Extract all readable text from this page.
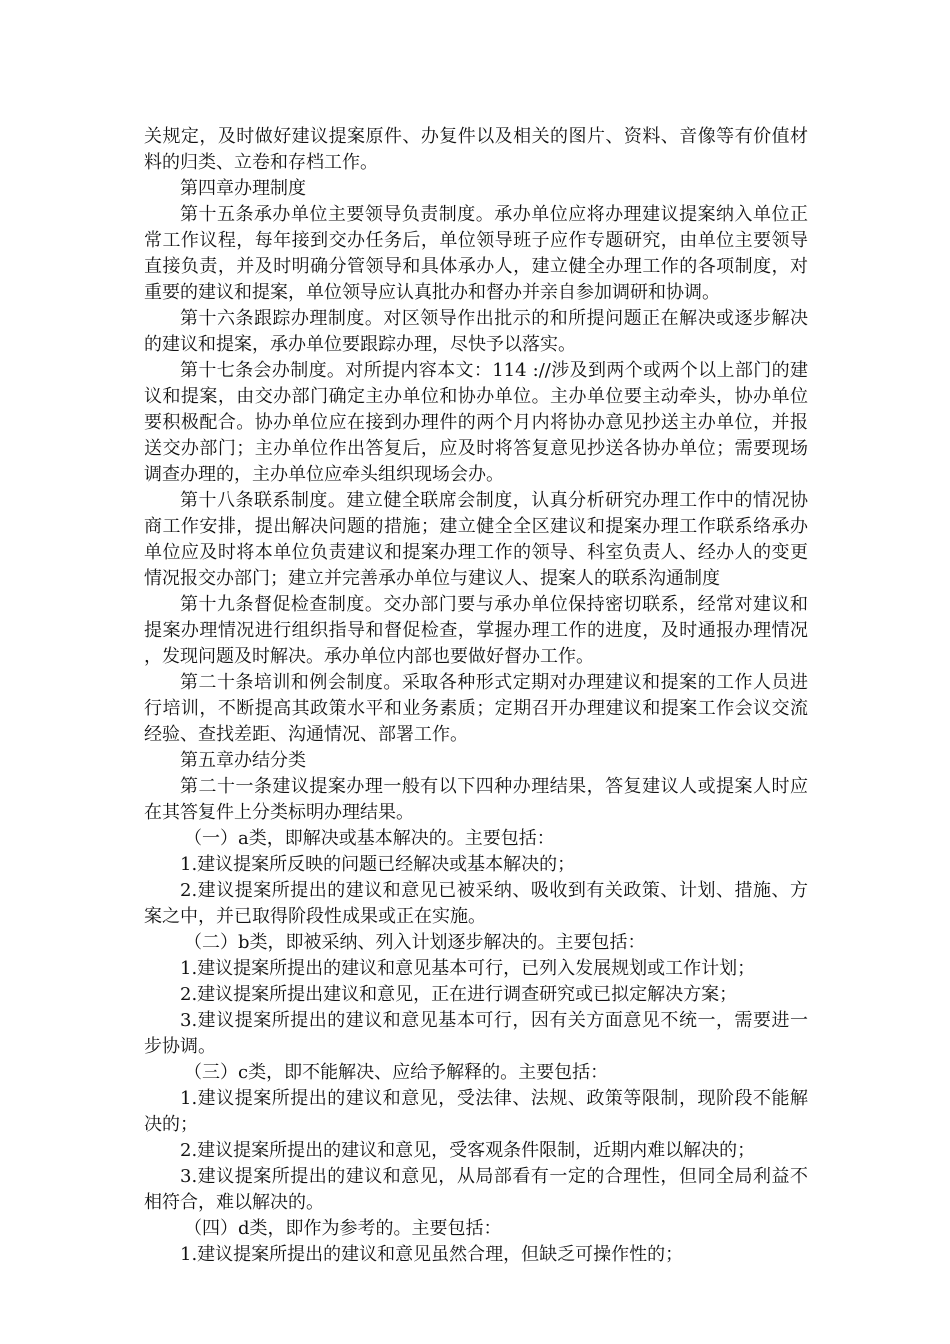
关规定，及时做好建议提案原件、办复件以及相关的图片、资料、音像等有价值材料的归类、立卷和存档工作。

第四章办理制度

第十五条承办单位主要领导负责制度。承办单位应将办理建议提案纳入单位正常工作议程，每年接到交办任务后，单位领导班子应作专题研究，由单位主要领导直接负责，并及时明确分管领导和具体承办人，建立健全办理工作的各项制度，对重要的建议和提案，单位领导应认真批办和督办并亲自参加调研和协调。

第十六条跟踪办理制度。对区领导作出批示的和所提问题正在解决或逐步解决的建议和提案，承办单位要跟踪办理，尽快予以落实。

第十七条会办制度。对所提内容本文：114 ://涉及到两个或两个以上部门的建议和提案，由交办部门确定主办单位和协办单位。主办单位要主动牵头，协办单位要积极配合。协办单位应在接到办理件的两个月内将协办意见抄送主办单位，并报送交办部门；主办单位作出答复后，应及时将答复意见抄送各协办单位；需要现场调查办理的，主办单位应牵头组织现场会办。

第十八条联系制度。建立健全联席会制度，认真分析研究办理工作中的情况协商工作安排，提出解决问题的措施；建立健全全区建议和提案办理工作联系络承办单位应及时将本单位负责建议和提案办理工作的领导、科室负责人、经办人的变更情况报交办部门；建立并完善承办单位与建议人、提案人的联系沟通制度

第十九条督促检查制度。交办部门要与承办单位保持密切联系，经常对建议和提案办理情况进行组织指导和督促检查，掌握办理工作的进度，及时通报办理情况，发现问题及时解决。承办单位内部也要做好督办工作。

第二十条培训和例会制度。采取各种形式定期对办理建议和提案的工作人员进行培训，不断提高其政策水平和业务素质；定期召开办理建议和提案工作会议交流经验、查找差距、沟通情况、部署工作。

第五章办结分类

第二十一条建议提案办理一般有以下四种办理结果，答复建议人或提案人时应在其答复件上分类标明办理结果。

（一）a类，即解决或基本解决的。主要包括：

1.建议提案所反映的问题已经解决或基本解决的；

2.建议提案所提出的建议和意见已被采纳、吸收到有关政策、计划、措施、方案之中，并已取得阶段性成果或正在实施。

（二）b类，即被采纳、列入计划逐步解决的。主要包括：

1.建议提案所提出的建议和意见基本可行，已列入发展规划或工作计划；

2.建议提案所提出建议和意见，正在进行调查研究或已拟定解决方案；

3.建议提案所提出的建议和意见基本可行，因有关方面意见不统一，需要进一步协调。

（三）c类，即不能解决、应给予解释的。主要包括：

1.建议提案所提出的建议和意见，受法律、法规、政策等限制，现阶段不能解决的；

2.建议提案所提出的建议和意见，受客观条件限制，近期内难以解决的；

3.建议提案所提出的建议和意见，从局部看有一定的合理性，但同全局利益不相符合，难以解决的。

（四）d类，即作为参考的。主要包括：

1.建议提案所提出的建议和意见虽然合理，但缺乏可操作性的；
